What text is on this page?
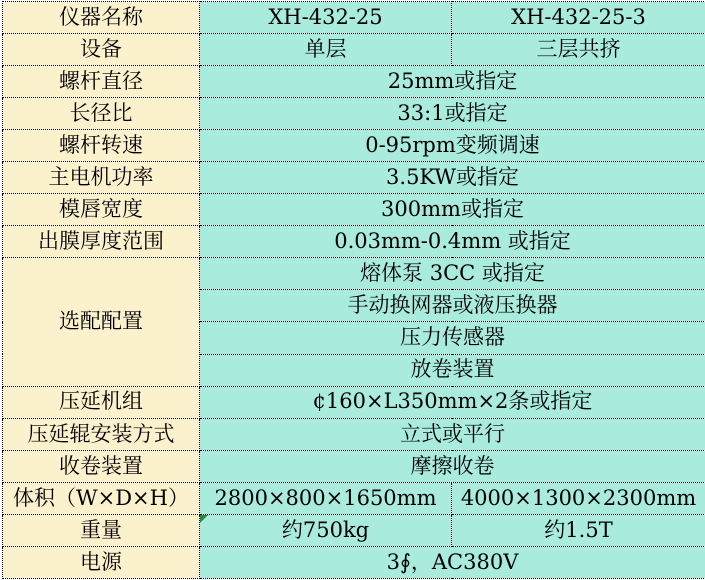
仪器名称	XH-432-25	XH-432-25-3
设备	单层	三层共挤
螺杆直径	25mm或指定	
长径比	33:1或指定	
螺杆转速	0-95rpm变频调速	
主电机功率	3.5KW或指定	
模唇宽度	300mm或指定	
出膜厚度范围	0.03mm-0.4mm 或指定	
选配配置	熔体泵 3CC 或指定	
	手动换网器或液压换器	
	压力传感器	
	放卷装置	
压延机组	¢160×L350mm×2条或指定	
压延辊安装方式	立式或平行	
收卷装置	摩擦收卷	
体积（W×D×H）	2800×800×1650mm	4000×1300×2300mm
重量	约750kg	约1.5T
电源	3∮，AC380V	
